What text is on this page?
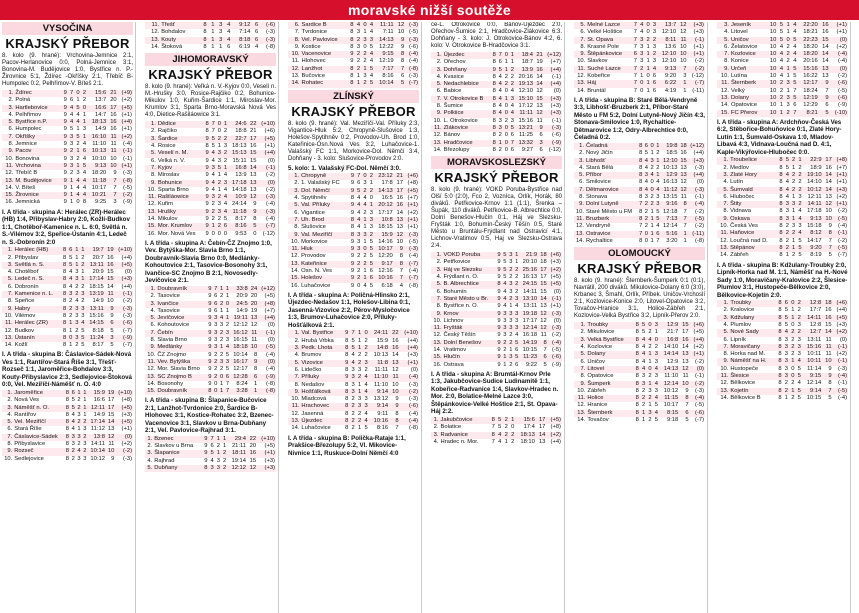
moravské nižší soutěže
VYSOČINA
KRAJSKÝ PŘEBOR
8. kolo (9. hrané): Vrchovina-Jemnice 2:1, Pacov-Herlanovice 0:0, Polná-Jemnice 3:1, Bonovina-M. Budějovice 1:0, Bystřice n. P.-Žirovnice 5:1, Ždírec -Okříšky 2:1, Třebíč B-Humpolec 0:2, Pelhřimov-V. Bíteš 2:1.
1.	Ždírec	9	7	0	2	15:6	21	(+9)
2.	Polná	9	6	1	2	13:7	20	(+2)
3.	Hartlebovice	9	4	5	0	16:6	17	(+5)
4.	Pelhřimov	9	4	4	1	14:7	16	(+1)
5.	Bystřice n.P.	9	4	4	1	18:13	16	(+4)
6.	Humpolec	9	5	1	3	14:9	16	(+1)
7.	Okříšky	9	3	5	1	16:10	11	(+2)
8.	Jemnice	9	3	2	4	11:10	11	(-4)
9.	Pacov	9	2	1	6	10:13	11	(-1)
10.	Bonovina	9	3	2	4	10:10	10	(-1)
11.	Vrchovina	9	3	1	5	9:13	10	(+1)
12.	Třebíč B	9	2	3	4	18:20	9	(-3)
13.	M. Budějovice	9	1	4	4	11:18	7	(-8)
14.	V. Bíteš	9	1	4	4	10:17	7	(-5)
15.	Žirovnice	9	1	4	4	10:21	7	(-2)
16.	Jemnická	9	1	0	8	9:25	3	(-9)
I. A třída - skupina A: Herálec (ZR)-Herálec (HB) 1:4, Přibyslav-Habry 2:0, Kožlí-Budkov 1:1, Chotěboř-Kamenice n. L. 6:0, Světlá n. S.-Vilémov 3:2, Speřice-Ústanín 4:1, Ledeč n. S.-Dobronín 2:0
1.	Herálec (HB)	8	6	1	1	19:7	19	(+10)
2.	Přibyslav	8	5	1	2	20:7	16	(+4)
3.	Světlá n. S.	8	5	1	2	13:11	16	(+5)
4.	Chotěboř	8	4	3	1	20:9	15	(0)
5.	Ledeč n. S.	8	4	3	1	17:14	15	(+3)
6.	Dobronín	8	4	2	2	18:15	14	(+4)
7.	Kamenice n. L.	8	3	2	3	13:19	11	(-1)
8.	Speřice	8	2	4	2	14:9	10	(-2)
9.	Habry	8	2	3	3	13:11	9	(-3)
10.	Vilémov	8	2	3	3	15:16	9	(-3)
11.	Herálec (ZR)	8	1	3	4	14:15	6	(-6)
12.	Budkov	8	1	2	5	8:18	5	(-7)
13.	Ústanín	8	0	3	5	11:24	3	(-9)
14.	Kožlí	8	1	2	5	8:17	5	(-7)
I. A třída - skupina B: Čáslavice-Sádek-Nová Ves 1:1, Rantířov-Stará Říše 3:1, Třešť-Rozseč 1:1, Jaroměřice-Bohdalov 3:3, Kouty-Přibyslavice 2:3, Sedlejovice-Štoková 0:0, Vel. Meziříčí-Náměšť n. O. 4:0
1.	Jaroměřice	8	6	1	1	15:9	19	(+10)
2.	Nová Ves	8	5	2	1	16:6	17	(+8)
3.	Náměšť n. O.	8	5	2	1	12:11	17	(+5)
4.	Rantířov	8	4	3	1	14:9	15	(+3)
5.	Vel. Meziříčí	8	4	2	2	17:14	14	(+5)
6.	Stará Říše	8	4	1	3	11:12	13	(+1)
7.	Čáslavice-Sádek	8	3	3	2	13:8	12	(0)
8.	Přibyslavice	8	3	2	3	14:11	11	(+2)
9.	Rozseč	8	2	4	2	10:14	10	(-2)
10.	Sedlejovice	8	2	3	3	10:12	9	(-3)
11.	Třešť	8	1	3	4	9:12	6	(-6)
12.	Bohdalov	8	1	3	4	7:14	6	(-3)
13.	Kouty	8	1	3	4	8:18	6	(-3)
14.	Štoková	8	1	1	6	6:19	4	(-8)
JIHOMORAVSKÝ
KRAJSKÝ PŘEBOR
8. kolo (9. hrané): Veľká n. V.-Kyjov 0:0, Veselí n. M.-Hrušky 3:0, Rosice-Rajčiko 0:2, Bohunice-Mikulov 1:0, Kuřim-Šardice 1:1, Miroslav-Mor. Krumlov 3:1, Sparta Brno-Moravská Nová Ves 4:0, Dietice-Rašiláowice 3:1.
1.	Dědice	8	7	0	1	24:6	22	(+10)
2.	Rajčiko	8	7	0	2	18:8	21	(+6)
3.	Šardice	9	5	2	2	22:7	17	(+5)
4.	Rosice	8	5	1	3	18:13	16	(+1)
5.	Veselí n. M.	9	4	3	2	15:13	15	(+4)
6.	Velká n. V.	9	4	3	2	15:11	15	(0)
7.	Kyjov	9	3	5	1	16:8	14	(-1)
8.	Miroslav	9	4	1	4	13:9	13	(-2)
9.	Bohunice	9	4	2	3	17:18	13	(0)
10.	Sparta Brno	9	4	1	4	14:18	13	(-2)
11.	Rašiláowice	9	3	2	4	10:9	12	(-3)
12.	Kuřim	9	2	3	4	24:14	9	(-4)
13.	Hrušky	9	2	3	4	11:18	9	(-3)
14.	Mikulov	9	2	2	5	8:17	8	(-4)
15.	Mor. Krumlov	9	1	2	6	8:16	5	(-7)
16.	Mor. Nová Ves	9	0	0	0	9:53	0	(-12)
I. A třída - skupina A: Čebín-ČZ Znojmo 1:0, Vev. Bytýška-Mor. Slavia Brno 1:1, Doubravník-Slavia Brno 0:0, Medlánky-Kohoutovice 2:1, Tasovice-Bosonohy 3:1, Ivančice-SC Znojmo B 2:1, Novosedly-Jevíčovice 2:1.
1.	Doubravník	9	7	1	1	33:8	24	(+12)
2.	Tasovice	9	6	2	1	20:9	20	(+5)
3.	Ivančice	9	6	2	0	24:5	20	(+8)
4.	Tasovice	9	6	1	1	14:9	19	(+7)
5.	Jevíčovice	9	3	4	1	19:11	13	(+4)
6.	Kohoutovice	9	3	3	2	12:12	12	(0)
7.	Čebín	9	3	2	3	16:12	11	(-1)
8.	Slavia Brno	9	3	2	3	16:15	11	(0)
9.	Medlánky	9	3	1	4	18:18	10	(-5)
10.	ČZ Znojmo	9	2	2	5	10:14	8	(-4)
11.	Vev. Bytýška	9	2	3	3	16:17	9	(0)
12.	Mor. Slavia Brno	9	2	2	5	12:17	8	(-4)
13.	SC Znojmo B	9	2	0	6	12:28	6	(-9)
14.	Bosonohy	9	0	1	7	8:24	1	(-8)
15.	Doubravník	8	0	1	7	3:28	1	(-8)
I. A třída - skupina B: Šlapanice-Bučovice 2:1, Lanžhot-Tvrdonice 2:0, Šardice B-Hlohovec 3:1, Kostice-Rohatec 3:2, Bzenec-Vacenovice 3:1, Slavkov u Brna-Dubňany 2:1, Vel. Pavlovice-Rajhrad 3:1.
1.	Bzenec	9	7	1	1	29:4	22	(+10)
2.	Slavkov u Brna	9	6	2	1	21:11	20	(+5)
3.	Šlapanice	9	5	1	2	18:11	16	(+1)
4.	Rajhrad	9	4	3	2	19:14	15	(+3)
5.	Dubňany	8	3	3	2	12:12	12	(+3)
6.	Šardice B	8	4	0	4	11:11	12	(-3)
7.	Tvrdonice	8	3	1	4	7:11	10	(-5)
8.	Vel. Pavlovice	8	2	3	3	14:13	9	(-3)
9.	Kostice	8	3	0	5	12:22	9	(-6)
10.	Vacenovice	9	2	2	4	9:15	8	(-4)
11.	Hlohovec	9	2	2	4	12:19	8	(-4)
12.	Lanžhot	8	2	1	5	7:17	7	(-8)
13.	Bučovice	8	1	3	4	8:16	6	(-3)
14.	Rohatec	8	1	2	5	10:14	5	(-7)
ZLÍNSKÝ
KRAJSKÝ PŘEBOR
8. kolo (9. hrané): Val. Meziříčí-Val. Příluky 2:3, Vigantice-Hluk 5:2, Chropyně-Slušovice 1:3, Holešov-Spytihněv 0:2, Provodov-Uh. Brod 1:0, Kateřinice-Osn.Nová Ves 3:2, Luhačovice-1. Valašský FC 1:1, Morkovice-Dol. Němčí 3:4, Dohňany - 3. kolo: Slušovice-Provodov 2:0.
5. kolo: 1. Valašský FC-Dol. Němčí 3:0.
1.	Chropyně	9	7	0	2	23:12	21	(+6)
2.	1. Valašský FC	9	6	3	1	17:8	17	(+8)
3.	Dol. Němčí	9	5	2	2	14:13	17	(+5)
4.	Spytihněv	8	4	4	0	16:5	16	(+7)
5.	Val. Příluky	9	4	4	1	20:12	16	(+1)
6.	Vigantice	9	4	2	3	17:17	14	(+2)
7.	Uh. Brod	8	4	1	3	10:8	13	(+1)
8.	Slušovice	8	4	1	3	18:15	13	(+1)
9.	Val. Meziříčí	8	3	3	2	15:9	12	(-3)
10.	Morkovice	9	3	1	5	14:16	10	(-5)
11.	Hluk	9	3	0	5	10:17	9	(-3)
12.	Provodov	9	2	2	5	12:20	8	(-4)
13.	Kateřinice	9	2	2	5	9:17	8	(-7)
14.	Osn. N. Ves	9	2	1	6	12:16	7	(-4)
15.	Holešov	9	2	1	6	10:16	7	(-7)
16.	Luhačovice	9	0	4	5	6:18	4	(-8)
I. A třída - skupina A: Poličná-Hlinsko 2:1, Újezdec-Nedašov 1:1, Holešov-Libina 0:1, Jasenná-Vizovice 2:2, Pěrov-Mysločovice 1:3, Brumov-Luhačovice 2:0, Příluky-Hošťálková 2:1.
1.	Val. Bystřice	9	7	1	0	24:11	22	(+10)
2.	Hrubá Vrbka	8	5	1	2	15:9	16	(+4)
3.	Pedk. Lhota	8	5	1	2	14:8	16	(+4)
4.	Brumov	8	4	2	2	10:13	14	(+3)
5.	Vizovice	9	4	2	3	11:8	13	(+1)
6.	Lidečko	8	3	3	2	11:11	12	(0)
7.	Příluky	9	3	2	4	11:10	11	(-4)
8.	Nedašov	8	3	1	4	11:10	10	(-3)
9.	Hošťálková	8	3	1	4	9:14	10	(-2)
10.	Mladcová	8	2	3	3	13:12	9	(-3)
11.	Hrachovec	8	2	3	3	9:14	9	(-6)
12.	Jasenná	8	2	2	4	9:11	8	(-4)
13.	Újezdec	8	2	2	4	10:16	8	(-4)
14.	Luhačovice	8	2	1	5	8:16	7	(-8)
I. A třída - skupina B: Polička-Rataje 1:1, Prakšice-Březolupy 5:2, Vl. Mikovice-Nivnice 1:1, Ruskuce-Dolní Němčí 4:0
ce-L. Otrokovice 0:0, Bánov-Újezdec 2:0, Ořechov-Šumice 2:1, Hradčovice-Zlákovice 6:3. Dohňany - 3. kolo: J. Otrokovice-Bánov 4:2, 6. kolo: V. Otrokovice B-Hradčovice 3:1.
1.	Újezdec	8	7	0	1	18:4	21	(+12)
2.	Ořechov	8	6	1	1	18:7	19	(+7)
3.	Dohňany	9	5	1	2	13:9	16	(+4)
4.	Kvasice	8	4	2	2	20:16	14	(-1)
5.	Nedachlebice	8	4	2	2	19:13	14	(+4)
6.	Babice	8	4	0	4	12:10	12	(0)
7.	V. Otrokovice B	8	4	1	3	15:10	15	(+3)
8.	Šumice	8	4	0	4	17:12	13	(+3)
9.	Polkiice	8	4	0	4	11:11	12	(+3)
10.	L. Otrokovice	8	3	2	3	15:16	11	(-1)
11.	Zlákovice	8	3	0	5	13:21	9	(-3)
12.	Bánov	8	2	0	6	11:25	6	(-6)
13.	Hradčovice	8	1	0	7	13:32	3	(-9)
14.	Březolupy	8	2	0	6	9:27	6	(-12)
MORAVSKOSLEZSKÝ
KRAJSKÝ PŘEBOR
8. kolo (9. hrané): VOKD Poruba-Bystřice nad Olší 5:0 (2:0), Fco 2, Vozníca, Orlík, Horák, 80 diváků. Petřkovice-Krnov 1:1 (1:1), Šrenka – Šupák, 110 diváků. Petřkovice-B. Albrechtice 0:0, Dolní Benešov-Hlučín 0:1, Háj ve Slezsku-Fryšták 1:0, Bohumín-Český Těšín 0:5, Staré Město u Bruntálu-Frýdlant nad Ostravicí 4:1, Lichnov-Vratimov 0:5, Haj ve Slezsku-Ostrava 2:4.
1.	VOKD Poruba	9	5	3	1	21:9	18	(+6)
2.	Petřkovice	9	5	3	1	20:10	18	(+3)
3.	Háj ve Slezsku	9	5	2	2	25:16	17	(+2)
4.	Frýdlant n. O.	9	5	2	2	16:13	17	(+5)
5.	B. Albrechtice	8	4	3	2	24:15	15	(+5)
6.	Bohumín	9	4	3	2	14:11	15	(0)
7.	Staré Město u Br.	9	4	2	3	13:10	14	(-1)
8.	Bystřice n. O.	9	4	1	4	13:11	13	(+1)
9.	Krnov	9	3	3	3	19:18	12	(-3)
10.	Lichnov	9	3	3	3	17:17	12	(0)
11.	Fryšták	9	3	3	3	12:14	12	(-3)
12.	Český Těšín	9	3	2	4	16:18	11	(-2)
13.	Dolní Benešov	9	2	2	5	14:19	8	(-4)
14.	Vratimov	9	2	1	6	10:15	7	(-5)
15.	Hlučín	9	1	3	5	11:23	6	(-6)
16.	Ostrava	9	1	2	6	9:22	5	(-9)
I. A třída - skupina A: Brumtál-Krnov Prle 1:3, Jakubčovice-Sudice Ludinamitě 1:1, Kobeřice-Radvanice 1:4, Slavkov-Hradec n. Mor. 2:0, Bolatice-Melné Lazce 3:0, Štěpánkovice-Velké Hoštice 2:1, St. Opava-Háj 2:2.
1.	Jakubčovice	8	5	2	1	15:6	17	(+5)
2.	Bolatice	7	5	2	0	17:4	17	(+8)
3.	Radvanice	8	4	2	2	18:13	14	(+2)
4.	Hradec n. Mor.	7	4	1	2	18:10	13	(+4)
5.	Melné Lazce	7	4	0	3	13:7	12	(+3)
6.	Velké Hoštice	7	4	0	3	12:10	12	(+3)
7.	St. Opava	7	3	2	2	8:11	11	(-1)
8.	Krasné Pole	7	3	1	3	13:6	10	(+1)
9.	Štěpánkovice	6	3	1	2	12:10	10	(+1)
10.	Slavkov	7	3	1	3	12:10	10	(-2)
11.	Suché Lazce	7	2	1	4	9:13	7	(-2)
12.	Kobeřice	7	1	0	6	9:20	3	(-12)
13.	Háj	7	0	1	6	6:22	1	(-7)
14.	Bruntál	7	0	1	6	4:19	1	(-11)
I. A třída - skupina B: Staré Bělá-Vendryně 3:3, Libhošť-Bruzberk 2:1, Příbor-Staré Město u FM 5:2, Dolní Lutyně-Nový Jičín 4:3, Stonava-Smilovice 1:0, Rychaltice-Dětmarovice 1:2, Odry-Albrechtice 0:0, Čeladná 0:2.
1.	Čeladná	8	6	0	1	19:8	18	(+12)
2.	Nový Jičín	8	5	1	2	18:5	16	(+4)
3.	Libhošť	8	4	3	1	12:10	15	(+3)
4.	Stará Bělá	8	4	2	2	10:13	13	(-3)
5.	Příbor	8	3	4	1	12:9	13	(+4)
6.	Smilovice	8	4	0	4	16:13	12	(0)
7.	Dětmarovice	8	4	0	4	11:12	12	(-3)
8.	Stonava	8	3	2	3	13:15	11	(-1)
9.	Dolní Lutyně	7	2	2	3	9:16	8	(-4)
10.	Staré Město u FM	8	2	1	5	12:18	7	(-2)
11.	Bruzberk	8	2	1	5	7:13	7	(-5)
12.	Vendryně	7	2	1	4	12:14	7	(-2)
13.	Ostravice	7	0	1	6	5:16	1	(-11)
14.	Rychaltice	8	0	1	7	3:20	1	(-8)
OLOMOUCKÝ
KRAJSKÝ PŘEBOR
8. kolo (9. hrané): Šternberk-Šumperk 0:1 (0:1), Navrátil, 200 diváků. Mikulovice-Dolany 6:0 (3:0), Krbanec 3, Šmahl, Orlík, Příbek. Uničov-Vrchoslí 2:1, Kozlovice-Konice 2:0, Litovel-Opatovice 3:2, Tovačov-Hranice 3:1, Holice-Zábřeh 2:1, Kozlovice-Velká Bystřice 3:2, Lipník-Přerov 2:0.
1.	Troubky	8	5	0	3	12:9	15	(+6)
2.	Mikulovice	8	5	2	1	21:7	17	(+5)
3.	Velká Bystřice	8	4	4	0	16:8	16	(+4)
4.	Kozlovice	8	4	2	2	14:10	14	(+2)
5.	Dolany	8	4	1	3	14:14	13	(+1)
6.	Uničov	8	4	1	3	12:9	13	(-2)
7.	Litovel	8	4	0	4	14:13	12	(0)
8.	Opatovice	8	3	2	3	11:10	11	(-1)
9.	Šumperk	8	3	1	4	12:14	10	(-2)
10.	Zábřeh	8	2	3	3	10:12	9	(-3)
11.	Holice	8	2	2	4	11:15	8	(-4)
12.	Hranice	8	2	1	5	10:17	7	(-5)
13.	Šternberk	8	1	3	4	8:15	6	(-6)
14.	Tovačov	8	1	2	5	9:18	5	(-7)
3.	Jeseník	10	5	1	4	22:20	16	(+1)
4.	Litovel	10	5	1	4	18:21	16	(+1)
5.	Uničov	10	5	0	5	22:23	15	(0)
6.	Želatovice	10	4	2	4	18:20	14	(+2)
7.	Kozlovice	10	4	2	4	18:20	14	(-4)
8.	Konice	10	4	2	4	20:16	14	(-4)
9.	Určeň	10	4	1	5	15:16	13	(0)
10.	Lutína	10	4	1	5	16:22	13	(-2)
11.	Šternberk	10	2	3	5	12:17	9	(-6)
12.	Velký	10	2	1	7	18:24	7	(-5)
13.	Dolany	10	2	3	5	12:19	9	(-6)
14.	Opatovice	10	1	3	6	12:29	6	(-9)
15.	FC Přerov	10	1	2	7	8:21	5	(-10)
I. A třída - skupina A: Ardchňov-Česká Ves 6:2, Stěbořice-Bohuňovice 0:1, Zlaté Hory-Lutín 1:1, Šumvald-Oskava 1:0, Mladov-Libavá 4:3, Vidnava-Loučná nad D. 4:1, Kaple-Vikýřovice-Hlubočec 0:0.
1.	Troubelice	8	5	2	1	22:9	17	(+8)
2.	Medlov	8	5	1	2	18:9	16	(+7)
3.	Zlaté Hory	8	4	2	2	19:10	14	(+1)
4.	Lutín	8	4	2	2	14:10	14	(+1)
5.	Šumvald	8	4	2	2	10:12	14	(+3)
6.	Hlubočec	8	4	1	3	12:11	13	(+2)
7.	Štity	8	3	3	2	14:11	12	(+1)
8.	Vidnava	8	3	1	4	17:18	10	(-2)
9.	Oskava	8	3	1	4	9:13	10	(-5)
10.	Česká Ves	8	2	3	3	15:18	9	(-4)
11.	Haňovice	8	2	2	4	8:12	8	(-1)
12.	Loučná nad D.	8	2	1	5	14:17	7	(-2)
13.	Stěpánov	8	2	1	5	9:20	7	(-5)
14.	Zábřeh	8	1	2	5	8:19	5	(-7)
I. A třída - skupina B: Kdžulany-Troubky 2:0, Lipník-Horka nad M. 1:1, Náměšť na H.-Nové Sady 1:0, Moravičany-Kralovice 2:2, Šlesice-Plumlov 3:1, Hustopeče-Bělkovice 2:0, Bělkovice-Kojetín 2:0.
1.	Troubky	8	6	0	2	12:8	18	(+6)
2.	Kralovice	8	5	1	2	17:7	16	(+4)
3.	Kdžulany	8	5	1	2	14:11	16	(+5)
4.	Plumlov	8	5	0	3	12:8	15	(+3)
5.	Nové Sady	8	4	2	2	12:7	14	(+2)
6.	Lipník	8	3	2	3	13:11	11	(0)
7.	Moravičany	8	3	2	3	15:16	11	(-1)
8.	Horka nad M.	8	3	2	3	10:11	11	(+2)
9.	Náměšť na H.	8	3	1	4	10:11	10	(-1)
10.	Hustopeče	8	3	0	5	11:14	9	(-3)
11.	Šlesice	8	3	0	5	9:15	9	(-4)
12.	Bělkovice	8	2	2	4	12:14	8	(-1)
13.	Kojetín	8	2	1	5	9:14	7	(-5)
14.	Bělkovice B	8	1	2	5	10:15	5	(-4)
